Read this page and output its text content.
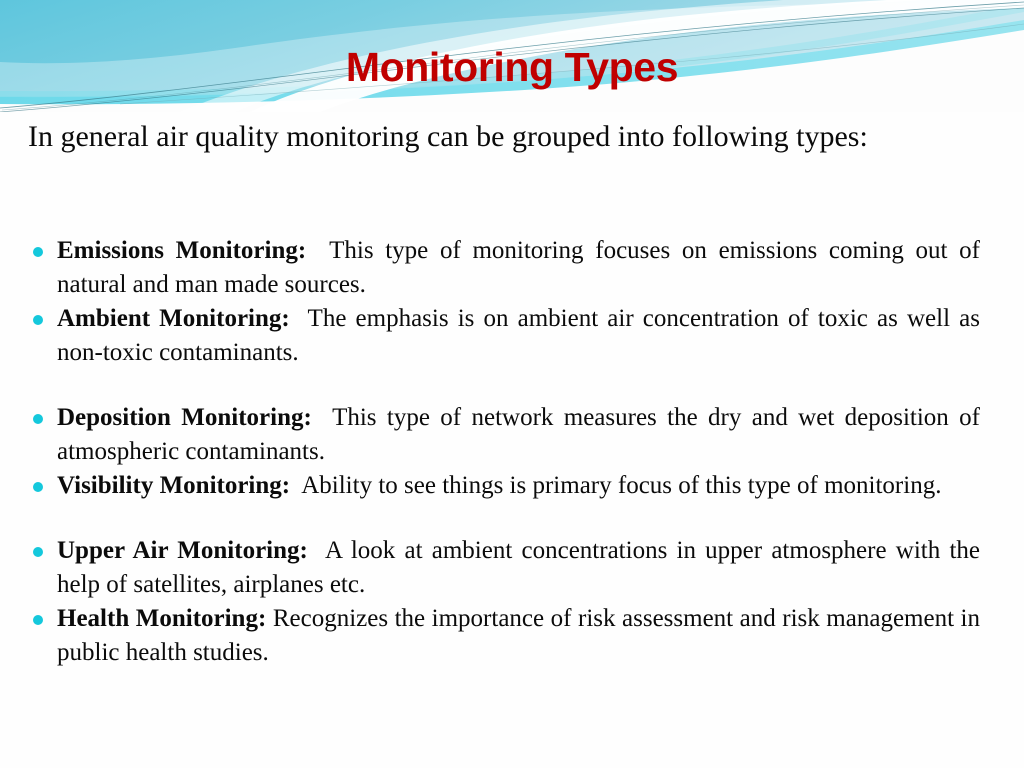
Monitoring Types
In general air quality monitoring can be grouped into following types:
Emissions Monitoring: This type of monitoring focuses on emissions coming out of natural and man made sources.
Ambient Monitoring: The emphasis is on ambient air concentration of toxic as well as non-toxic contaminants.
Deposition Monitoring: This type of network measures the dry and wet deposition of atmospheric contaminants.
Visibility Monitoring: Ability to see things is primary focus of this type of monitoring.
Upper Air Monitoring: A look at ambient concentrations in upper atmosphere with the help of satellites, airplanes etc.
Health Monitoring: Recognizes the importance of risk assessment and risk management in public health studies.
